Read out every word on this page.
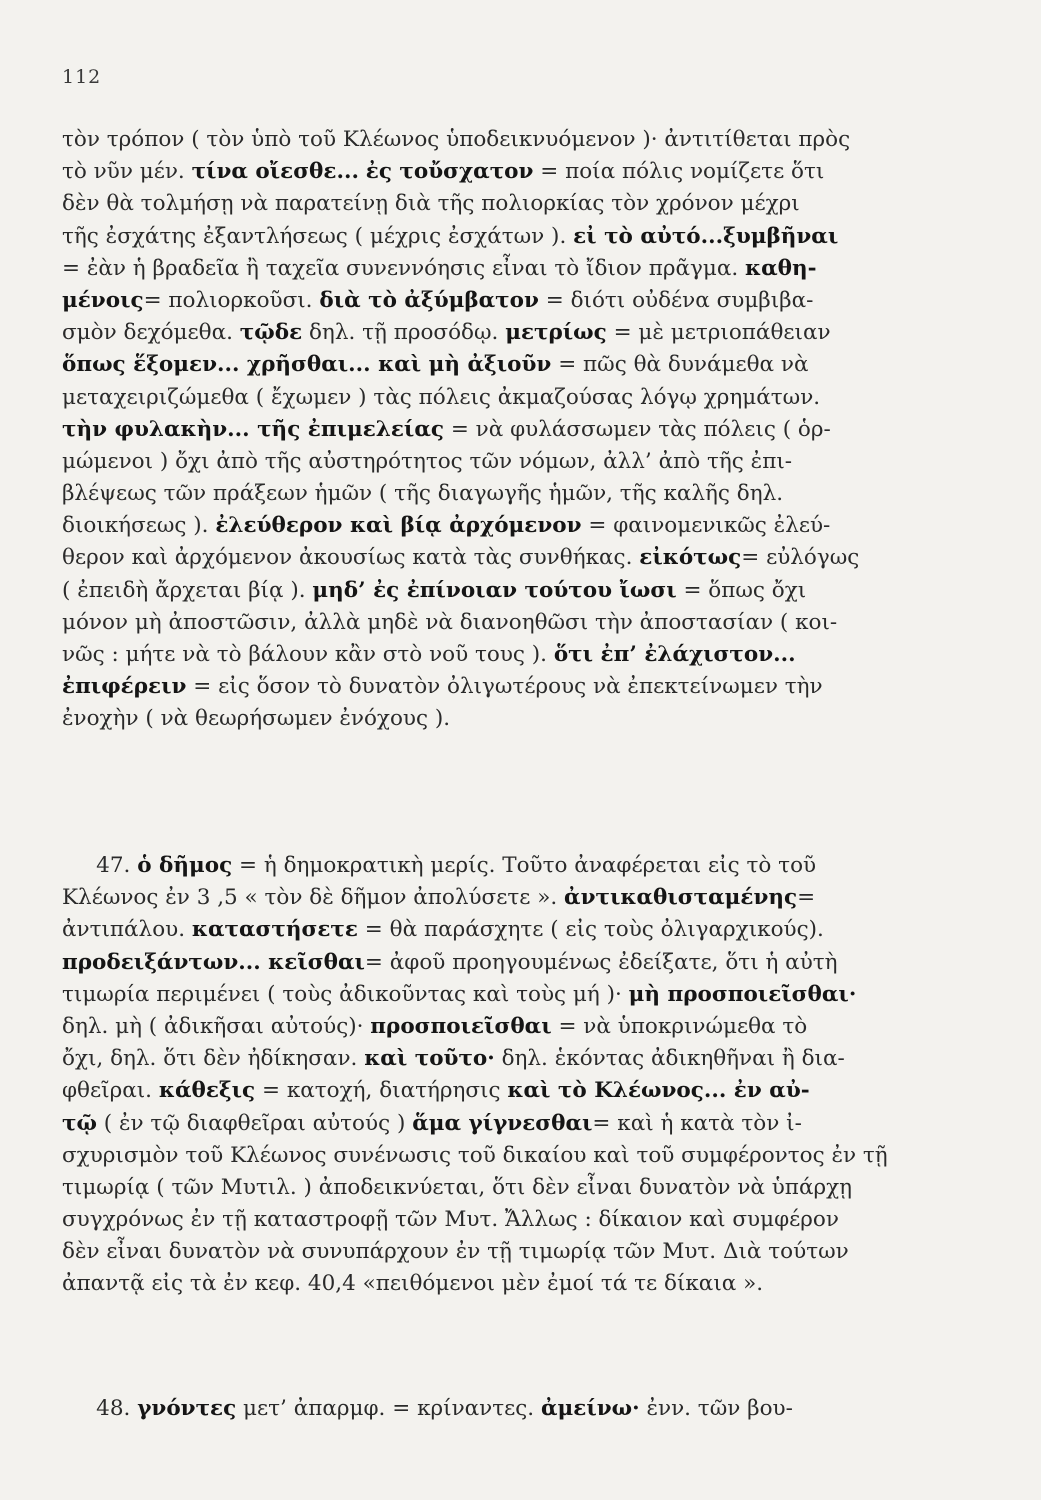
112
τὸν τρόπον ( τὸν ὑπὸ τοῦ Κλέωνος ὑποδεικνυόμενον )· ἀντιτίθεται πρὸς
τὸ νῦν μέν. τίνα οἴεσθε... ἐς τοὔσχατον = ποία πόλις νομίζετε ὅτι
δὲν θὰ τολμήσῃ νὰ παρατείνῃ διὰ τῆς πολιορκίας τὸν χρόνον μέχρι
τῆς ἐσχάτης ἐξαντλήσεως ( μέχρις ἐσχάτων ). εἰ τὸ αὐτό...ξυμβῆναι
= ἐὰν ἡ βραδεῖα ἢ ταχεῖα συνεννόησις εἶναι τὸ ἴδιον πρᾶγμα. καθη-
μένοις= πολιορκοῦσι. διὰ τὸ ἀξύμβατον = διότι οὐδένα συμβιβα-
σμὸν δεχόμεθα. τῷδε δηλ. τῇ προσόδῳ. μετρίως = μὲ μετριοπάθειαν
ὅπως ἕξομεν... χρῆσθαι... καὶ μὴ ἀξιοῦν = πῶς θὰ δυνάμεθα νὰ
μεταχειριζώμεθα ( ἔχωμεν ) τὰς πόλεις ἀκμαζούσας λόγῳ χρημάτων.
τὴν φυλακὴν... τῆς ἐπιμελείας = νὰ φυλάσσωμεν τὰς πόλεις ( ὁρ-
μώμενοι ) ὄχι ἀπὸ τῆς αὐστηρότητος τῶν νόμων, ἀλλ’ ἀπὸ τῆς ἐπι-
βλέψεως τῶν πράξεων ἡμῶν ( τῆς διαγωγῆς ἡμῶν, τῆς καλῆς δηλ.
διοικήσεως ). ἐλεύθερον καὶ βίᾳ ἀρχόμενον = φαινομενικῶς ἐλεύ-
θερον καὶ ἀρχόμενον ἀκουσίως κατὰ τὰς συνθήκας. εἰκότως= εὐλόγως
( ἐπειδὴ ἄρχεται βίᾳ ). μηδ’ ἐς ἐπίνοιαν τούτου ἴωσι = ὅπως ὄχι
μόνον μὴ ἀποστῶσιν, ἀλλὰ μηδὲ νὰ διανοηθῶσι τὴν ἀποστασίαν ( κοι-
νῶς : μήτε νὰ τὸ βάλουν κἂν στὸ νοῦ τους ). ὅτι ἐπ’ ἐλάχιστον...
ἐπιφέρειν = εἰς ὅσον τὸ δυνατὸν ὀλιγωτέρους νὰ ἐπεκτείνωμεν τὴν
ἐνοχὴν ( νὰ θεωρήσωμεν ἐνόχους ).
47. ὁ δῆμος = ἡ δημοκρατικὴ μερίς. Τοῦτο ἀναφέρεται εἰς τὸ τοῦ
Κλέωνος ἐν 3 ,5 « τὸν δὲ δῆμον ἀπολύσετε ». ἀντικαθισταμένης=
ἀντιπάλου. καταστήσετε = θὰ παράσχητε ( εἰς τοὺς ὀλιγαρχικούς).
προδειξάντων... κεῖσθαι= ἀφοῦ προηγουμένως ἐδείξατε, ὅτι ἡ αὐτὴ
τιμωρία περιμένει ( τοὺς ἀδικοῦντας καὶ τοὺς μή )· μὴ προσποιεῖσθαι·
δηλ. μὴ ( ἀδικῆσαι αὐτούς)· προσποιεῖσθαι = νὰ ὑποκρινώμεθα τὸ
ὄχι, δηλ. ὅτι δὲν ἠδίκησαν. καὶ τοῦτο· δηλ. ἑκόντας ἀδικηθῆναι ἢ δια-
φθεῖραι. κάθεξις = κατοχή, διατήρησις καὶ τὸ Κλέωνος... ἐν αὐ-
τῷ ( ἐν τῷ διαφθεῖραι αὐτούς ) ἅμα γίγνεσθαι= καὶ ἡ κατὰ τὸν ἰ-
σχυρισμὸν τοῦ Κλέωνος συνένωσις τοῦ δικαίου καὶ τοῦ συμφέροντος ἐν τῇ
τιμωρίᾳ ( τῶν Μυτιλ. ) ἀποδεικνύεται, ὅτι δὲν εἶναι δυνατὸν νὰ ὑπάρχῃ
συγχρόνως ἐν τῇ καταστροφῇ τῶν Μυτ. Ἄλλως : δίκαιον καὶ συμφέρον
δὲν εἶναι δυνατὸν νὰ συνυπάρχουν ἐν τῇ τιμωρίᾳ τῶν Μυτ. Διὰ τούτων
ἀπαντᾷ εἰς τὰ ἐν κεφ. 40,4 «πειθόμενοι μὲν ἐμοί τά τε δίκαια ».
48. γνόντες μετ’ ἀπαρμφ. = κρίναντες. ἀμείνω· ἐνν. τῶν βου-
